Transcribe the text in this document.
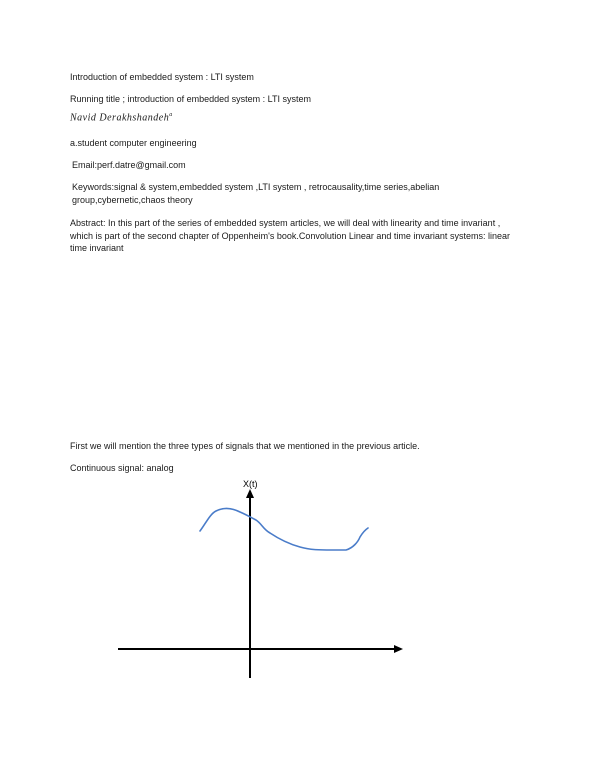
Introduction of embedded system : LTI system
Running title ; introduction of embedded system : LTI system
Navid Derakhshandeh$^a$
a.student computer engineering
Email:perf.datre@gmail.com
Keywords:signal & system,embedded system ,LTI system , retrocausality,time series,abelian group,cybernetic,chaos theory
Abstract: In this part of the series of embedded system articles, we will deal with linearity and time invariant , which is part of the second chapter of Oppenheim's book.Convolution Linear and time invariant systems: linear time invariant
First we will mention the three types of signals that we mentioned in the previous article.
Continuous signal: analog
X(t)
